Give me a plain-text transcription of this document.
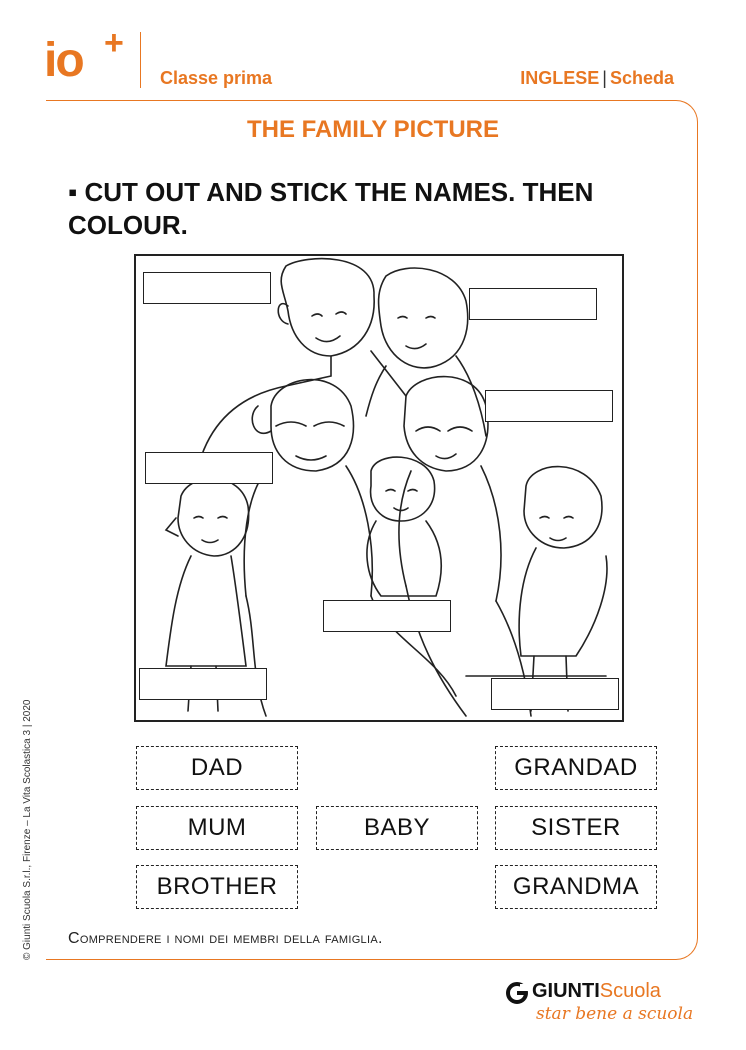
io +
Classe prima	INGLESE | Scheda
THE FAMILY PICTURE
▪ CUT OUT AND STICK THE NAMES. THEN COLOUR.
DAD	GRANDAD
MUM	BABY	SISTER
BROTHER	GRANDMA
Comprendere i nomi dei membri della famiglia.
© Giunti Scuola S.r.l., Firenze – La Vita Scolastica 3 | 2020
GIUNTIScuola
star bene a scuola
